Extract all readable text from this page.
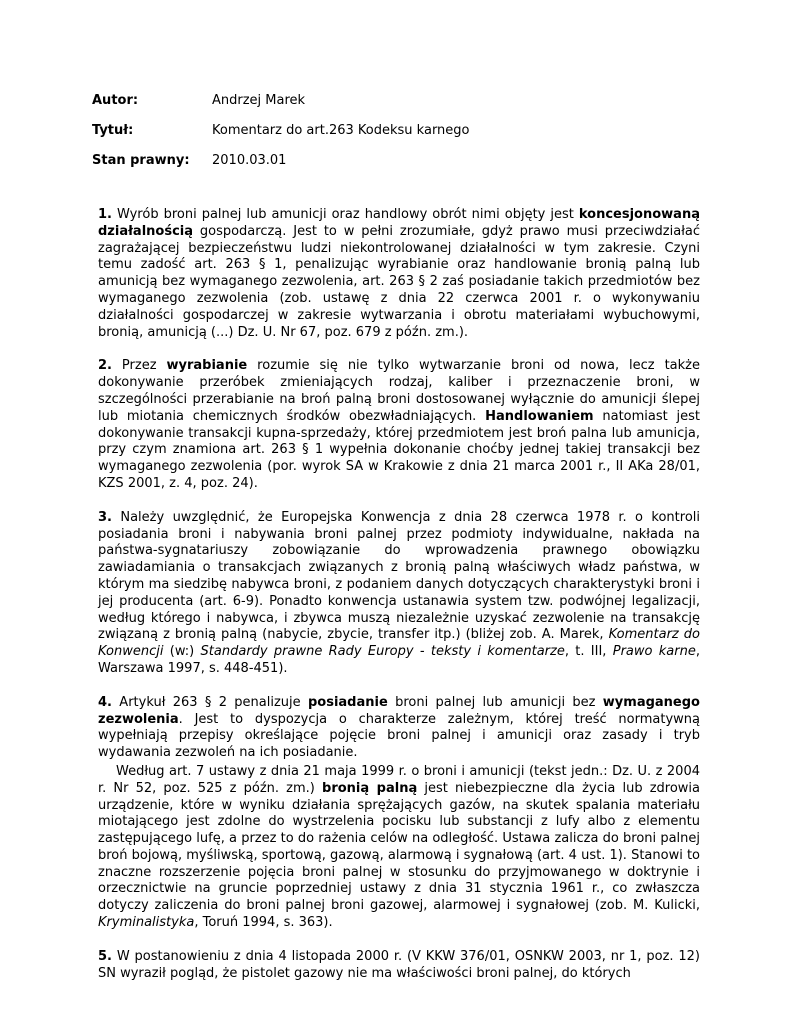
Autor:	Andrzej Marek
Tytuł:	Komentarz do art.263 Kodeksu karnego
Stan prawny: 2010.03.01

1. Wyrób broni palnej lub amunicji oraz handlowy obrót nimi objęty jest koncesjonowaną działalnością gospodarczą. Jest to w pełni zrozumiałe, gdyż prawo musi przeciwdziałać zagrażającej bezpieczeństwu ludzi niekontrolowanej działalności w tym zakresie. Czyni temu zadość art. 263 § 1, penalizując wyrabianie oraz handlowanie bronią palną lub amunicją bez wymaganego zezwolenia, art. 263 § 2 zaś posiadanie takich przedmiotów bez wymaganego zezwolenia (zob. ustawę z dnia 22 czerwca 2001 r. o wykonywaniu działalności gospodarczej w zakresie wytwarzania i obrotu materiałami wybuchowymi, bronią, amunicją (...) Dz. U. Nr 67, poz. 679 z późn. zm.).

2. Przez wyrabianie rozumie się nie tylko wytwarzanie broni od nowa, lecz także dokonywanie przeróbek zmieniających rodzaj, kaliber i przeznaczenie broni, w szczególności przerabianie na broń palną broni dostosowanej wyłącznie do amunicji ślepej lub miotania chemicznych środków obezwładniających. Handlowaniem natomiast jest dokonywanie transakcji kupna-sprzedaży, której przedmiotem jest broń palna lub amunicja, przy czym znamiona art. 263 § 1 wypełnia dokonanie choćby jednej takiej transakcji bez wymaganego zezwolenia (por. wyrok SA w Krakowie z dnia 21 marca 2001 r., II AKa 28/01, KZS 2001, z. 4, poz. 24).

3. Należy uwzględnić, że Europejska Konwencja z dnia 28 czerwca 1978 r. o kontroli posiadania broni i nabywania broni palnej przez podmioty indywidualne, nakłada na państwa-sygnatariuszy zobowiązanie do wprowadzenia prawnego obowiązku zawiadamiania o transakcjach związanych z bronią palną właściwych władz państwa, w którym ma siedzibę nabywca broni, z podaniem danych dotyczących charakterystyki broni i jej producenta (art. 6-9). Ponadto konwencja ustanawia system tzw. podwójnej legalizacji, według którego i nabywca, i zbywca muszą niezależnie uzyskać zezwolenie na transakcję związaną z bronią palną (nabycie, zbycie, transfer itp.) (bliżej zob. A. Marek, Komentarz do Konwencji (w:) Standardy prawne Rady Europy - teksty i komentarze, t. III, Prawo karne, Warszawa 1997, s. 448-451).

4. Artykuł 263 § 2 penalizuje posiadanie broni palnej lub amunicji bez wymaganego zezwolenia. Jest to dyspozycja o charakterze zależnym, której treść normatywną wypełniają przepisy określające pojęcie broni palnej i amunicji oraz zasady i tryb wydawania zezwoleń na ich posiadanie.

Według art. 7 ustawy z dnia 21 maja 1999 r. o broni i amunicji (tekst jedn.: Dz. U. z 2004 r. Nr 52, poz. 525 z późn. zm.) bronią palną jest niebezpieczne dla życia lub zdrowia urządzenie, które w wyniku działania sprężających gazów, na skutek spalania materiału miotającego jest zdolne do wystrzelenia pocisku lub substancji z lufy albo z elementu zastępującego lufę, a przez to do rażenia celów na odległość. Ustawa zalicza do broni palnej broń bojową, myśliwską, sportową, gazową, alarmową i sygnałową (art. 4 ust. 1). Stanowi to znaczne rozszerzenie pojęcia broni palnej w stosunku do przyjmowanego w doktrynie i orzecznictwie na gruncie poprzedniej ustawy z dnia 31 stycznia 1961 r., co zwłaszcza dotyczy zaliczenia do broni palnej broni gazowej, alarmowej i sygnałowej (zob. M. Kulicki, Kryminalistyka, Toruń 1994, s. 363).

5. W postanowieniu z dnia 4 listopada 2000 r. (V KKW 376/01, OSNKW 2003, nr 1, poz. 12) SN wyraził pogląd, że pistolet gazowy nie ma właściwości broni palnej, do których
